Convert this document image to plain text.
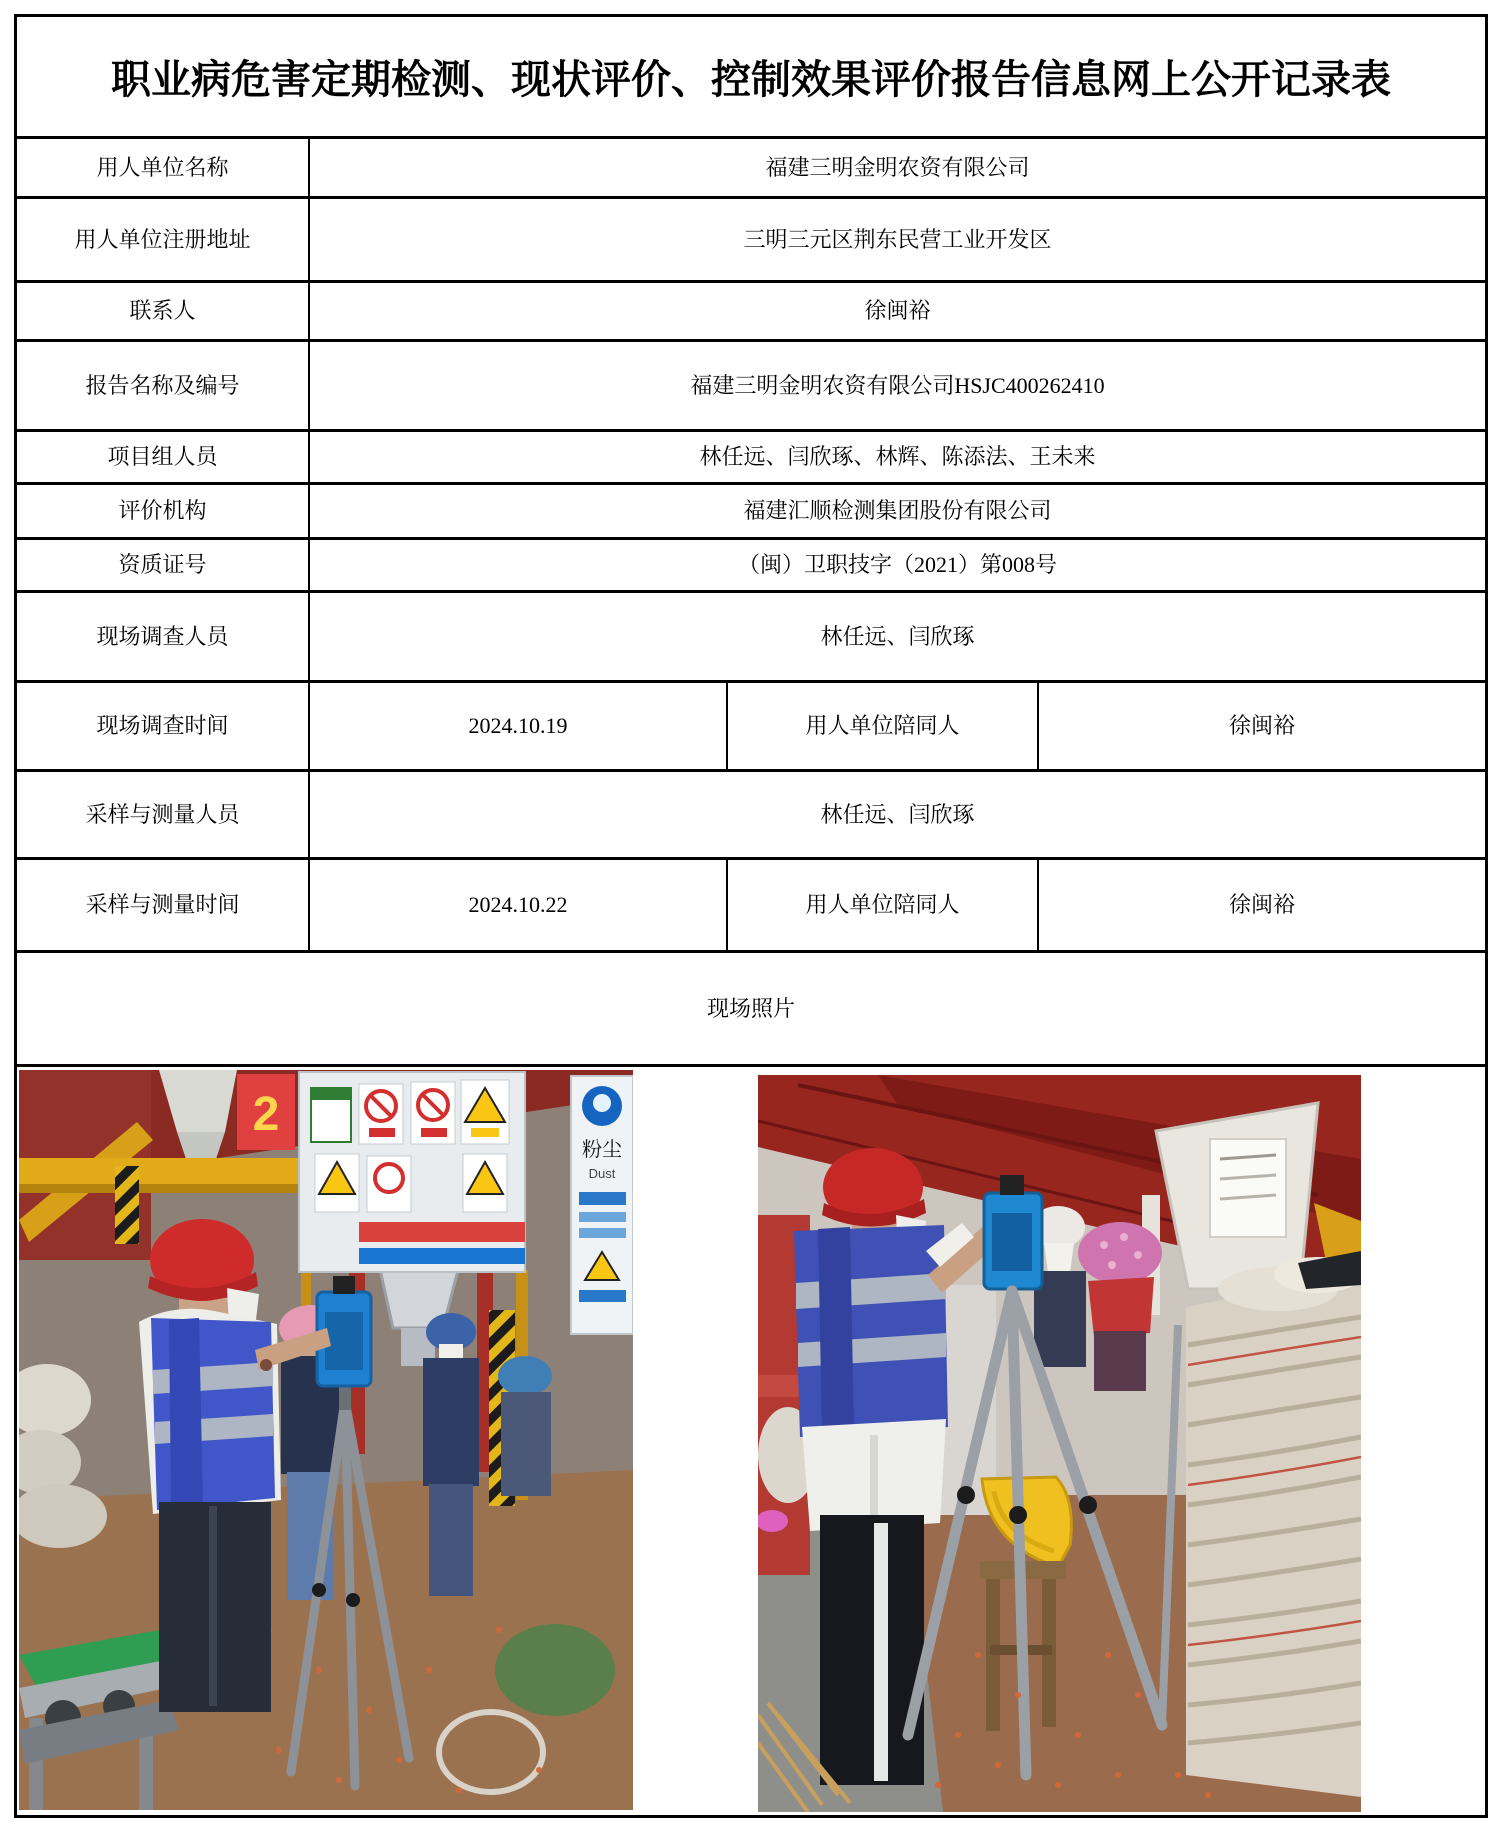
职业病危害定期检测、现状评价、控制效果评价报告信息网上公开记录表
用人单位名称	福建三明金明农资有限公司
用人单位注册地址	三明三元区荆东民营工业开发区
联系人	徐闽裕
报告名称及编号	福建三明金明农资有限公司HSJC400262410
项目组人员	林任远、闫欣琢、林辉、陈添法、王未来
评价机构	福建汇顺检测集团股份有限公司
资质证号	（闽）卫职技字（2021）第008号
现场调查人员	林任远、闫欣琢
现场调查时间	2024.10.19	用人单位陪同人	徐闽裕
采样与测量人员	林任远、闫欣琢
采样与测量时间	2024.10.22	用人单位陪同人	徐闽裕
现场照片
2
粉尘
Dust
